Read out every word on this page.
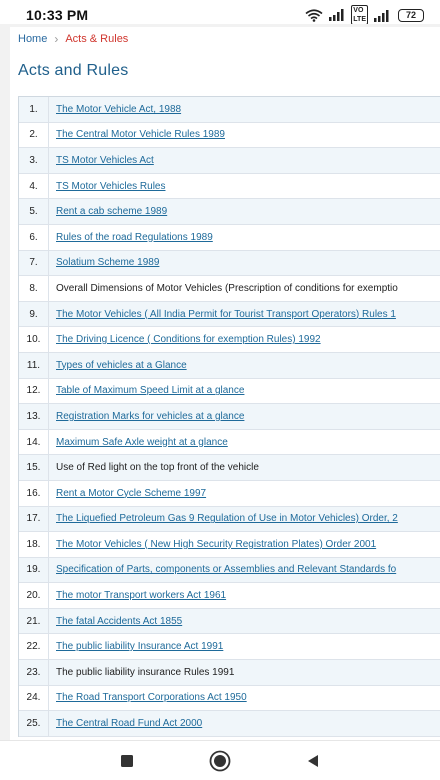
10:33 PM	VO
LTE	72
Home › Acts & Rules
Acts and Rules
1.	The Motor Vehicle Act, 1988
2.	The Central Motor Vehicle Rules 1989
3.	TS Motor Vehicles Act
4.	TS Motor Vehicles Rules
5.	Rent a cab scheme 1989
6.	Rules of the road Regulations 1989
7.	Solatium Scheme 1989
8.	Overall Dimensions of Motor Vehicles (Prescription of conditions for exemptio
9.	The Motor Vehicles ( All India Permit for Tourist Transport Operators) Rules 1
10.	The Driving Licence ( Conditions for exemption Rules) 1992
11.	Types of vehicles at a Glance
12.	Table of Maximum Speed Limit at a glance
13.	Registration Marks for vehicles at a glance
14.	Maximum Safe Axle weight at a glance
15.	Use of Red light on the top front of the vehicle
16.	Rent a Motor Cycle Scheme 1997
17.	The Liquefied Petroleum Gas 9 Regulation of Use in Motor Vehicles) Order, 2
18.	The Motor Vehicles ( New High Security Registration Plates) Order 2001
19.	Specification of Parts, components or Assemblies and Relevant Standards fo
20.	The motor Transport workers Act 1961
21.	The fatal Accidents Act 1855
22.	The public liability Insurance Act 1991
23.	The public liability insurance Rules 1991
24.	The Road Transport Corporations Act 1950
25.	The Central Road Fund Act 2000
